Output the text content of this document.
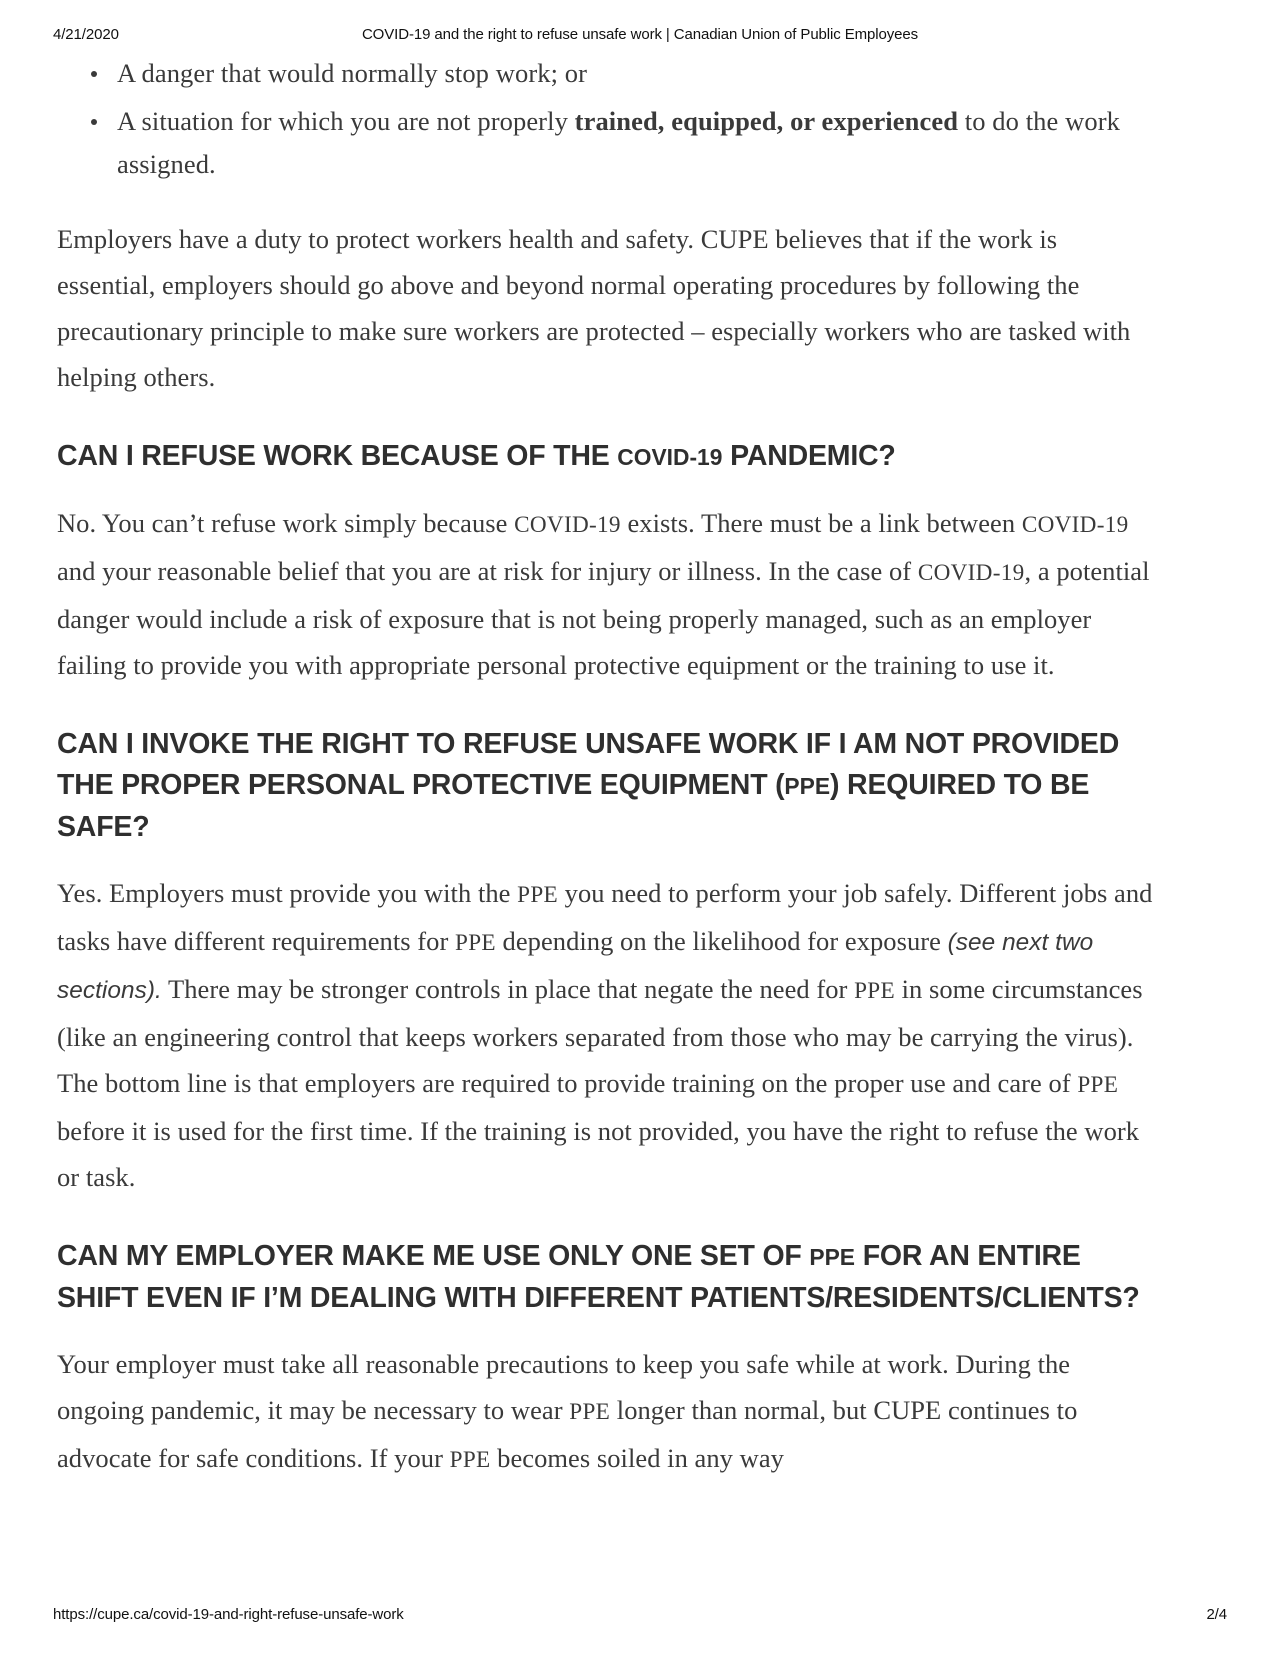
4/21/2020	COVID-19 and the right to refuse unsafe work | Canadian Union of Public Employees
A danger that would normally stop work; or
A situation for which you are not properly trained, equipped, or experienced to do the work assigned.

Employers have a duty to protect workers health and safety. CUPE believes that if the work is essential, employers should go above and beyond normal operating procedures by following the precautionary principle to make sure workers are protected – especially workers who are tasked with helping others.

CAN I REFUSE WORK BECAUSE OF THE COVID-19 PANDEMIC?

No. You can’t refuse work simply because COVID-19 exists. There must be a link between COVID-19 and your reasonable belief that you are at risk for injury or illness. In the case of COVID-19, a potential danger would include a risk of exposure that is not being properly managed, such as an employer failing to provide you with appropriate personal protective equipment or the training to use it.

CAN I INVOKE THE RIGHT TO REFUSE UNSAFE WORK IF I AM NOT PROVIDED THE PROPER PERSONAL PROTECTIVE EQUIPMENT (PPE) REQUIRED TO BE SAFE?

Yes. Employers must provide you with the PPE you need to perform your job safely. Different jobs and tasks have different requirements for PPE depending on the likelihood for exposure (see next two sections). There may be stronger controls in place that negate the need for PPE in some circumstances (like an engineering control that keeps workers separated from those who may be carrying the virus). The bottom line is that employers are required to provide training on the proper use and care of PPE before it is used for the first time. If the training is not provided, you have the right to refuse the work or task.

CAN MY EMPLOYER MAKE ME USE ONLY ONE SET OF PPE FOR AN ENTIRE SHIFT EVEN IF I’M DEALING WITH DIFFERENT PATIENTS/RESIDENTS/CLIENTS?

Your employer must take all reasonable precautions to keep you safe while at work. During the ongoing pandemic, it may be necessary to wear PPE longer than normal, but CUPE continues to advocate for safe conditions. If your PPE becomes soiled in any way

https://cupe.ca/covid-19-and-right-refuse-unsafe-work	2/4
